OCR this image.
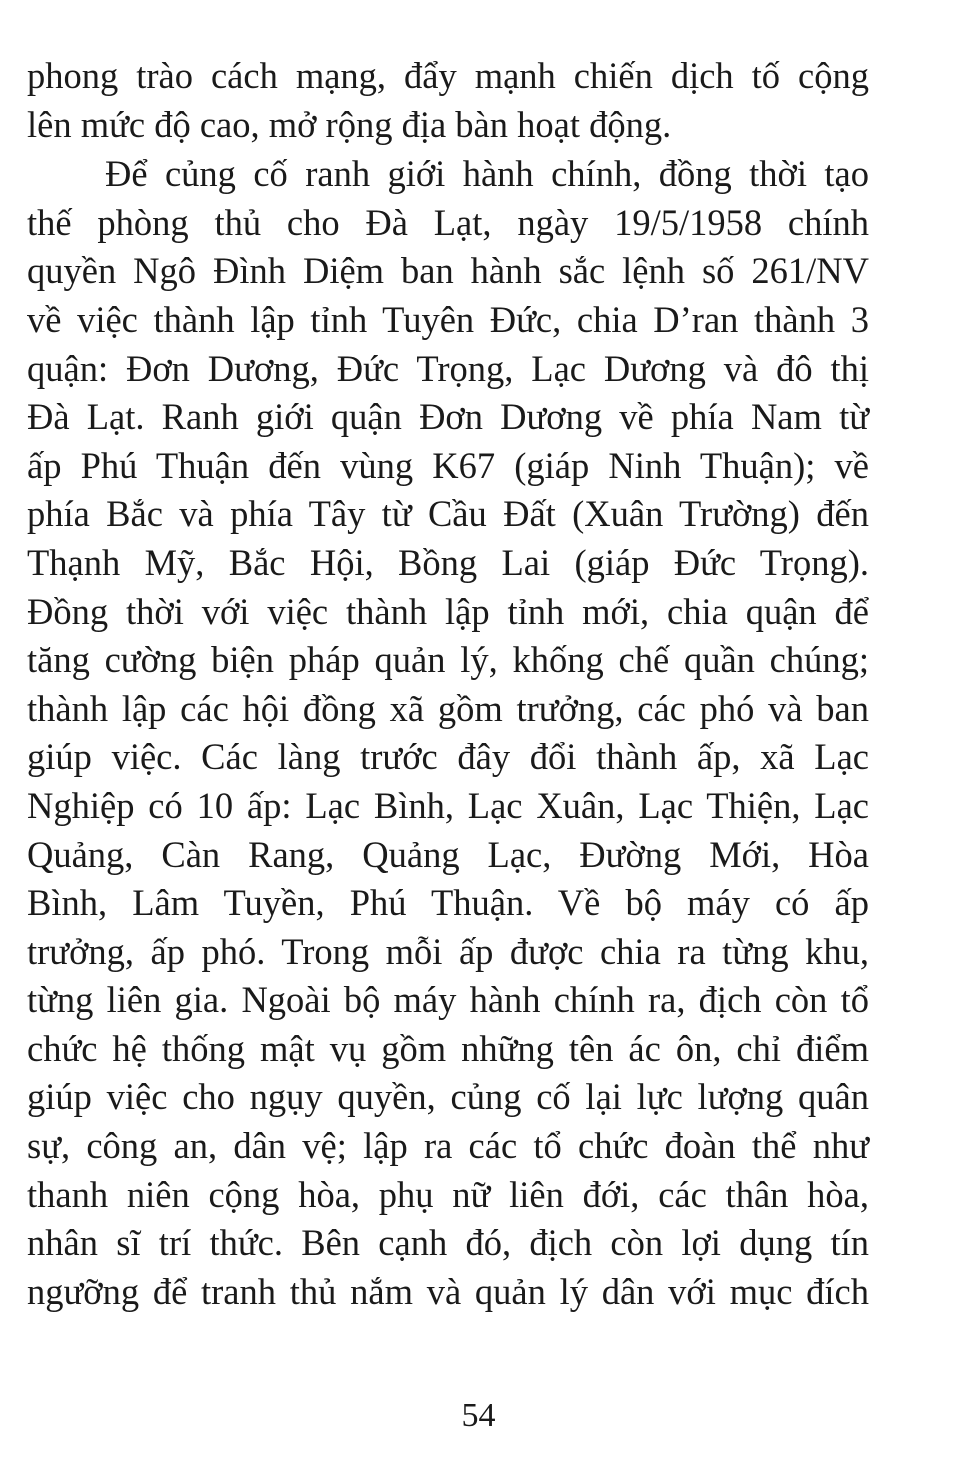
phong trào cách mạng, đẩy mạnh chiến dịch tố cộng
lên mức độ cao, mở rộng địa bàn hoạt động.
Để củng cố ranh giới hành chính, đồng thời tạo
thế phòng thủ cho Đà Lạt, ngày 19/5/1958 chính
quyền Ngô Đình Diệm ban hành sắc lệnh số 261/NV
về việc thành lập tỉnh Tuyên Đức, chia D’ran thành 3
quận: Đơn Dương, Đức Trọng, Lạc Dương và đô thị
Đà Lạt. Ranh giới quận Đơn Dương về phía Nam từ
ấp Phú Thuận đến vùng K67 (giáp Ninh Thuận); về
phía Bắc và phía Tây từ Cầu Đất (Xuân Trường) đến
Thạnh Mỹ, Bắc Hội, Bồng Lai (giáp Đức Trọng).
Đồng thời với việc thành lập tỉnh mới, chia quận để
tăng cường biện pháp quản lý, khống chế quần chúng;
thành lập các hội đồng xã gồm trưởng, các phó và ban
giúp việc. Các làng trước đây đổi thành ấp, xã Lạc
Nghiệp có 10 ấp: Lạc Bình, Lạc Xuân, Lạc Thiện, Lạc
Quảng, Càn Rang, Quảng Lạc, Đường Mới, Hòa
Bình, Lâm Tuyền, Phú Thuận. Về bộ máy có ấp
trưởng, ấp phó. Trong mỗi ấp được chia ra từng khu,
từng liên gia. Ngoài bộ máy hành chính ra, địch còn tổ
chức hệ thống mật vụ gồm những tên ác ôn, chỉ điểm
giúp việc cho ngụy quyền, củng cố lại lực lượng quân
sự, công an, dân vệ; lập ra các tổ chức đoàn thể như
thanh niên cộng hòa, phụ nữ liên đới, các thân hòa,
nhân sĩ trí thức. Bên cạnh đó, địch còn lợi dụng tín
ngưỡng để tranh thủ nắm và quản lý dân với mục đích
54
